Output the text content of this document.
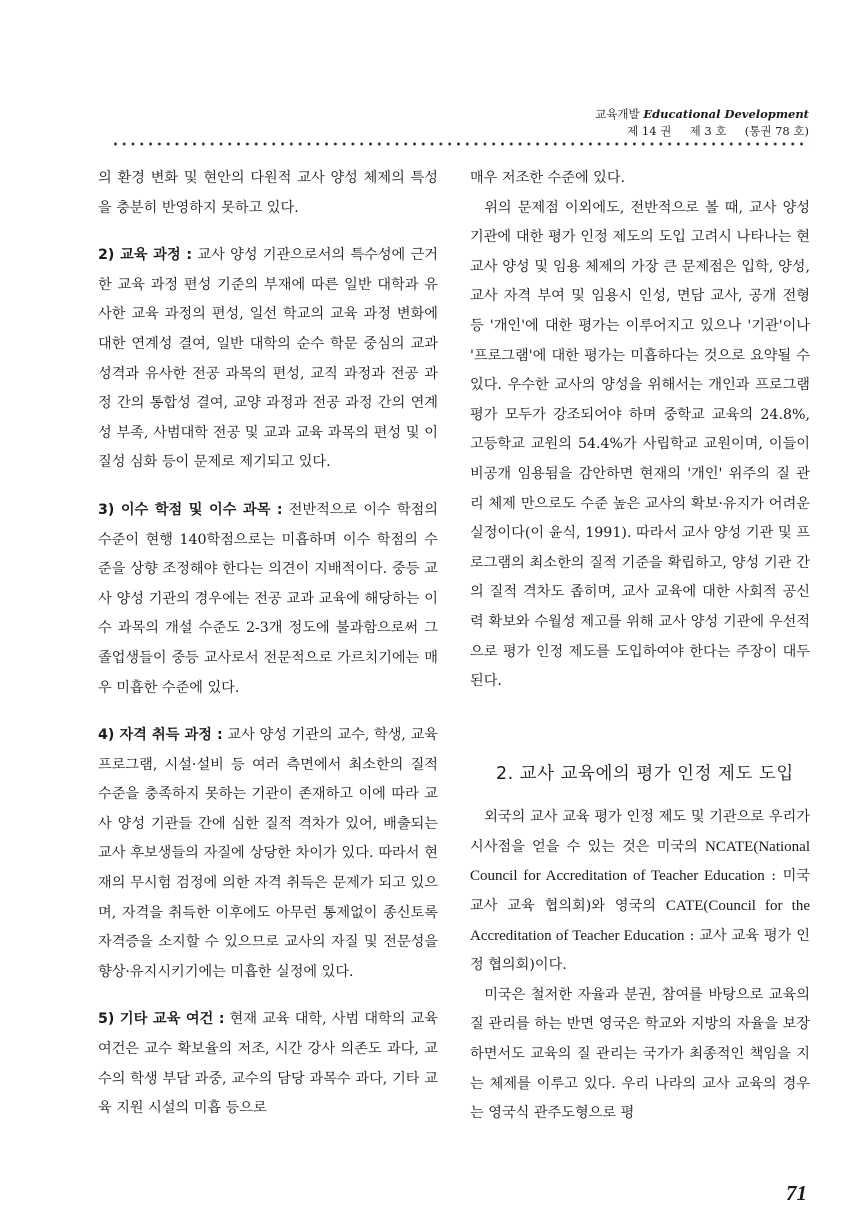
교육개발 Educational Development
제 14 권 제 3 호 (통권 78 호)

의 환경 변화 및 현안의 다원적 교사 양성 체제의 특성을 충분히 반영하지 못하고 있다.

2) 교육 과정 : 교사 양성 기관으로서의 특수성에 근거한 교육 과정 편성 기준의 부재에 따른 일반 대학과 유사한 교육 과정의 편성, 일선 학교의 교육 과정 변화에 대한 연계성 결여, 일반 대학의 순수 학문 중심의 교과 성격과 유사한 전공 과목의 편성, 교직 과정과 전공 과정 간의 통합성 결여, 교양 과정과 전공 과정 간의 연계성 부족, 사범대학 전공 및 교과 교육 과목의 편성 및 이질성 심화 등이 문제로 제기되고 있다.

3) 이수 학점 및 이수 과목 : 전반적으로 이수 학점의 수준이 현행 140학점으로는 미흡하며 이수 학점의 수준을 상향 조정해야 한다는 의견이 지배적이다. 중등 교사 양성 기관의 경우에는 전공 교과 교육에 해당하는 이수 과목의 개설 수준도 2-3개 정도에 불과함으로써 그 졸업생들이 중등 교사로서 전문적으로 가르치기에는 매우 미흡한 수준에 있다.

4) 자격 취득 과정 : 교사 양성 기관의 교수, 학생, 교육 프로그램, 시설·설비 등 여러 측면에서 최소한의 질적 수준을 충족하지 못하는 기관이 존재하고 이에 따라 교사 양성 기관들 간에 심한 질적 격차가 있어, 배출되는 교사 후보생들의 자질에 상당한 차이가 있다. 따라서 현재의 무시험 검정에 의한 자격 취득은 문제가 되고 있으며, 자격을 취득한 이후에도 아무런 통제없이 종신토록 자격증을 소지할 수 있으므로 교사의 자질 및 전문성을 향상·유지시키기에는 미흡한 실정에 있다.

5) 기타 교육 여건 : 현재 교육 대학, 사범 대학의 교육 여건은 교수 확보율의 저조, 시간 강사 의존도 과다, 교수의 학생 부담 과중, 교수의 담당 과목수 과다, 기타 교육 지원 시설의 미흡 등으로

매우 저조한 수준에 있다.

위의 문제점 이외에도, 전반적으로 볼 때, 교사 양성 기관에 대한 평가 인정 제도의 도입 고려시 나타나는 현 교사 양성 및 임용 체제의 가장 큰 문제점은 입학, 양성, 교사 자격 부여 및 임용시 인성, 면담 교사, 공개 전형 등 '개인'에 대한 평가는 이루어지고 있으나 '기관'이나 '프로그램'에 대한 평가는 미흡하다는 것으로 요약될 수 있다. 우수한 교사의 양성을 위해서는 개인과 프로그램 평가 모두가 강조되어야 하며 중학교 교육의 24.8%, 고등학교 교원의 54.4%가 사립학교 교원이며, 이들이 비공개 임용됨을 감안하면 현재의 '개인' 위주의 질 관리 체제 만으로도 수준 높은 교사의 확보·유지가 어려운 실정이다(이 윤식, 1991). 따라서 교사 양성 기관 및 프로그램의 최소한의 질적 기준을 확립하고, 양성 기관 간의 질적 격차도 좁히며, 교사 교육에 대한 사회적 공신력 확보와 수월성 제고를 위해 교사 양성 기관에 우선적으로 평가 인정 제도를 도입하여야 한다는 주장이 대두된다.

2. 교사 교육에의 평가 인정 제도 도입

외국의 교사 교육 평가 인정 제도 및 기관으로 우리가 시사점을 얻을 수 있는 것은 미국의 NCATE(National Council for Accreditation of Teacher Education : 미국 교사 교육 협의회)와 영국의 CATE(Council for the Accreditation of Teacher Education : 교사 교육 평가 인정 협의회)이다.

미국은 철저한 자율과 분권, 참여를 바탕으로 교육의 질 관리를 하는 반면 영국은 학교와 지방의 자율을 보장하면서도 교육의 질 관리는 국가가 최종적인 책임을 지는 체제를 이루고 있다. 우리 나라의 교사 교육의 경우는 영국식 관주도형으로 평

71
